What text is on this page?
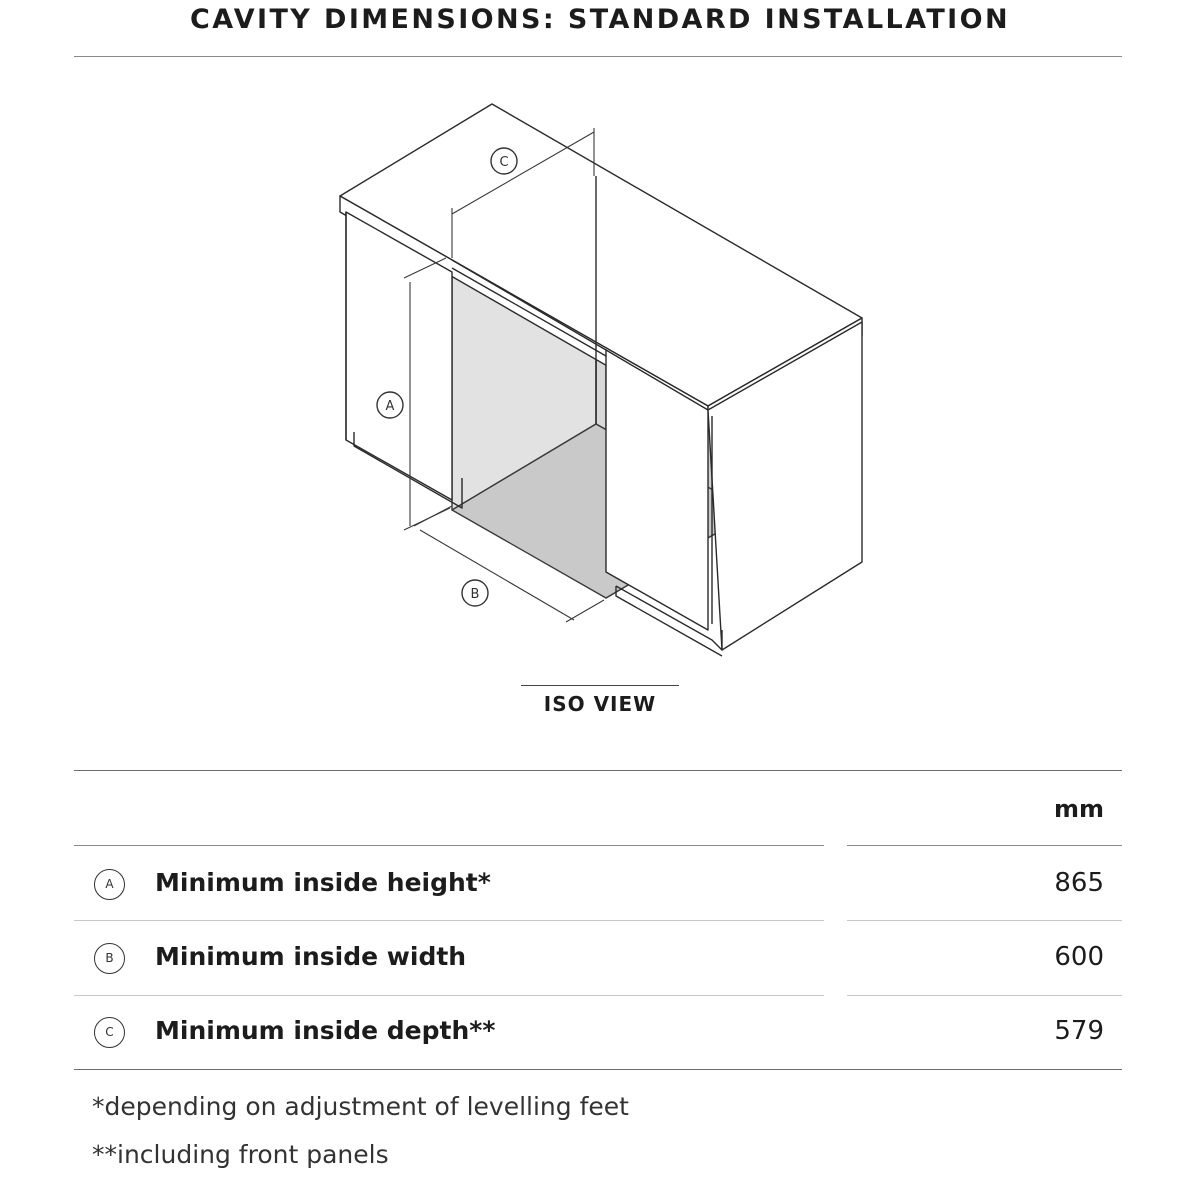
CAVITY DIMENSIONS: STANDARD INSTALLATION
C
A
B
ISO VIEW
mm
A	Minimum inside height*	865
B	Minimum inside width	600
C	Minimum inside depth**	579
*depending on adjustment of levelling feet
**including front panels
